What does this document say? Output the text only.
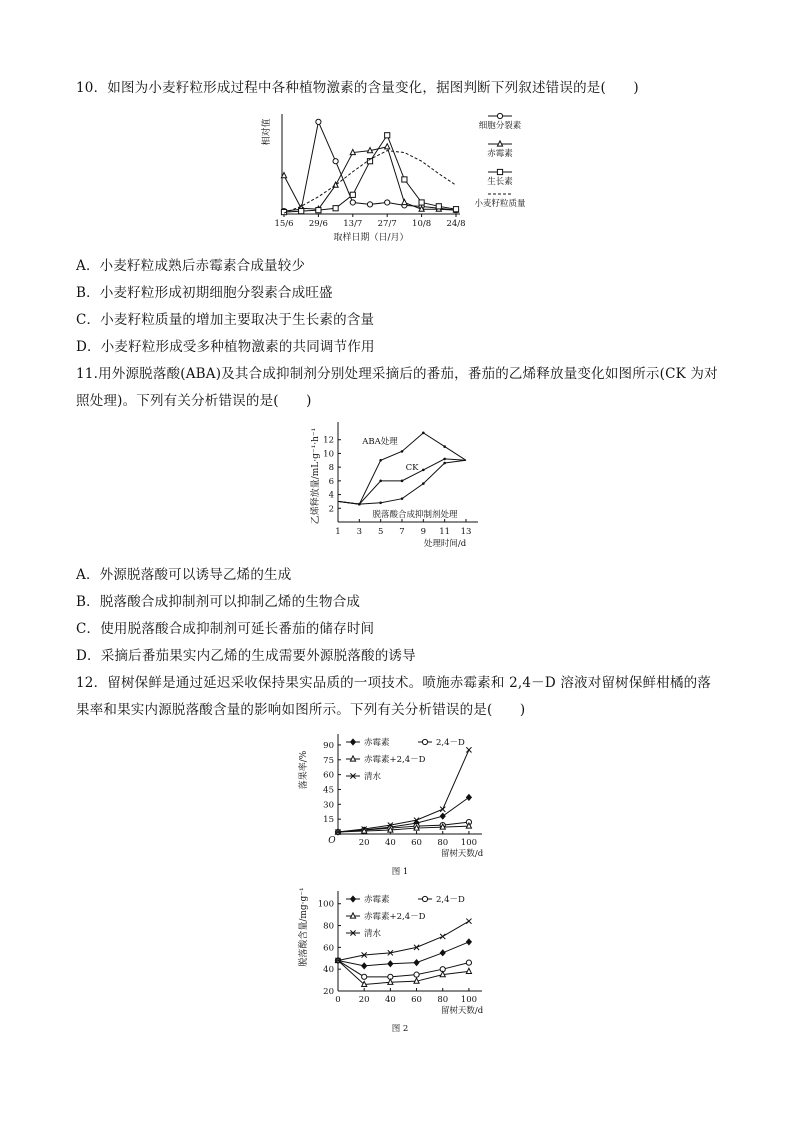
10．如图为小麦籽粒形成过程中各种植物激素的含量变化，据图判断下列叙述错误的是(　　)
相对值
15/6 29/6 13/7 27/7 10/8 24/8
取样日期（日/月）
细胞分裂素
赤霉素
生长素
小麦籽粒质量
A．小麦籽粒成熟后赤霉素合成量较少
B．小麦籽粒形成初期细胞分裂素合成旺盛
C．小麦籽粒质量的增加主要取决于生长素的含量
D．小麦籽粒形成受多种植物激素的共同调节作用
11.用外源脱落酸(ABA)及其合成抑制剂分别处理采摘后的番茄，番茄的乙烯释放量变化如图所示(CK 为对
照处理)。下列有关分析错误的是(　　)
2
4
6
8
10
12
1 3 5 7 9 11 13
乙烯释放量/mL·g⁻¹·h⁻¹
处理时间/d
ABA处理
CK
脱落酸合成抑制剂处理
A．外源脱落酸可以诱导乙烯的生成
B．脱落酸合成抑制剂可以抑制乙烯的生物合成
C．使用脱落酸合成抑制剂可延长番茄的储存时间
D．采摘后番茄果实内乙烯的生成需要外源脱落酸的诱导
12．留树保鲜是通过延迟采收保持果实品质的一项技术。喷施赤霉素和 2,4－D 溶液对留树保鲜柑橘的落
果率和果实内源脱落酸含量的影响如图所示。下列有关分析错误的是(　　)
15
30
45
60
75
90
20 40 60 80 100
O
落果率/%
留树天数/d
图 1
赤霉素	2,4－D
赤霉素+2,4－D
清水
20
40
60
80
100
0 20 40 60 80 100
脱落酸含量/mg·g⁻¹
留树天数/d
图 2
赤霉素	2,4－D
赤霉素+2,4－D
清水
